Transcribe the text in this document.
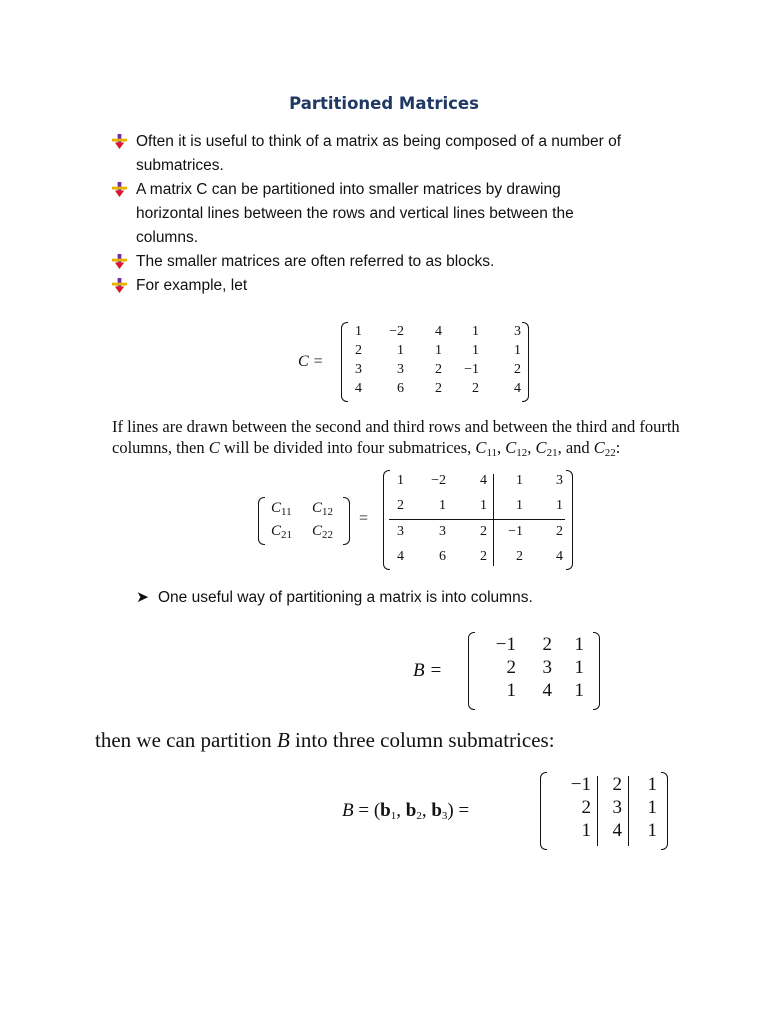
Partitioned Matrices
Often it is useful to think of a matrix as being composed of a number of
submatrices.
A matrix C can be partitioned into smaller matrices by drawing
horizontal lines between the rows and vertical lines between the
columns.
The smaller matrices are often referred to as blocks.
For example, let
C =
1 −2 4 1	3
2	1 1 1	1
3	3 2 −1	2
4	6 2 2	4
If lines are drawn between the second and third rows and between the third and fourth
columns, then C will be divided into four submatrices, $C_{11}$, $C_{12}$, $C_{21}$, and $C_{22}$:
$C_{11}$ $C_{12}$
$C_{21}$ $C_{22}$
=
1 −2 4 1 3
2	1 1 1 1
3	3 2 −1 2
4	6 2 2 4
➤ One useful way of partitioning a matrix is into columns.
B =
−1 2 1
2 3 1
1 4 1
then we can partition B into three column submatrices:
$B = (b_1$, $b_2$, $b_3$) =
−1 2 1
2 3 1
1 4 1
